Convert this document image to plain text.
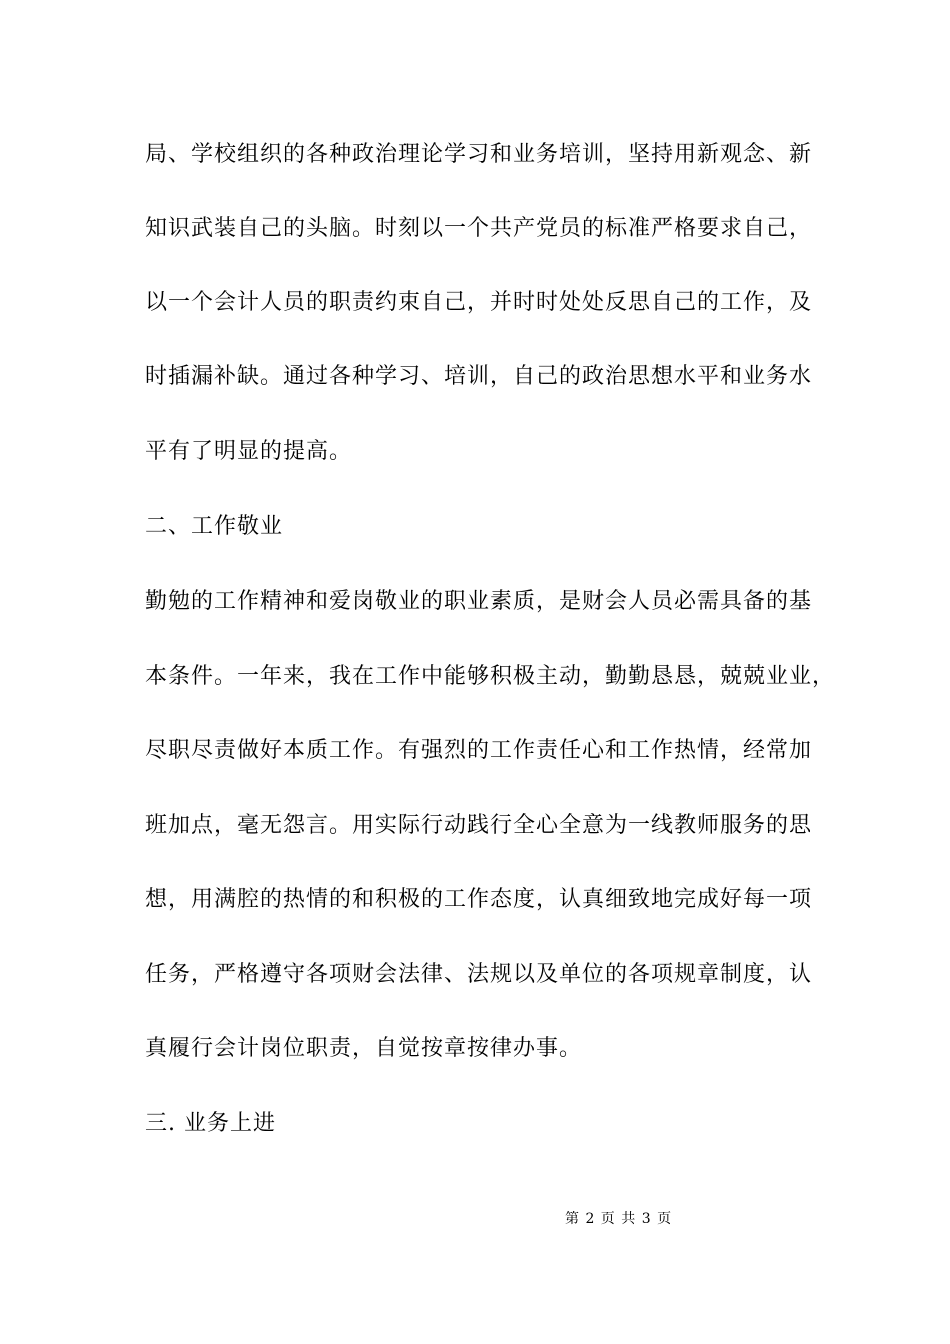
局、学校组织的各种政治理论学习和业务培训，坚持用新观念、新
知识武装自己的头脑。时刻以一个共产党员的标准严格要求自己，
以一个会计人员的职责约束自己，并时时处处反思自己的工作，及
时插漏补缺。通过各种学习、培训，自己的政治思想水平和业务水
平有了明显的提高。
二、工作敬业
勤勉的工作精神和爱岗敬业的职业素质，是财会人员必需具备的基
本条件。一年来，我在工作中能够积极主动，勤勤恳恳，兢兢业业，
尽职尽责做好本质工作。有强烈的工作责任心和工作热情，经常加
班加点，毫无怨言。用实际行动践行全心全意为一线教师服务的思
想，用满腔的热情的和积极的工作态度，认真细致地完成好每一项
任务，严格遵守各项财会法律、法规以及单位的各项规章制度，认
真履行会计岗位职责，自觉按章按律办事。
三. 业务上进
第 2 页 共 3 页
